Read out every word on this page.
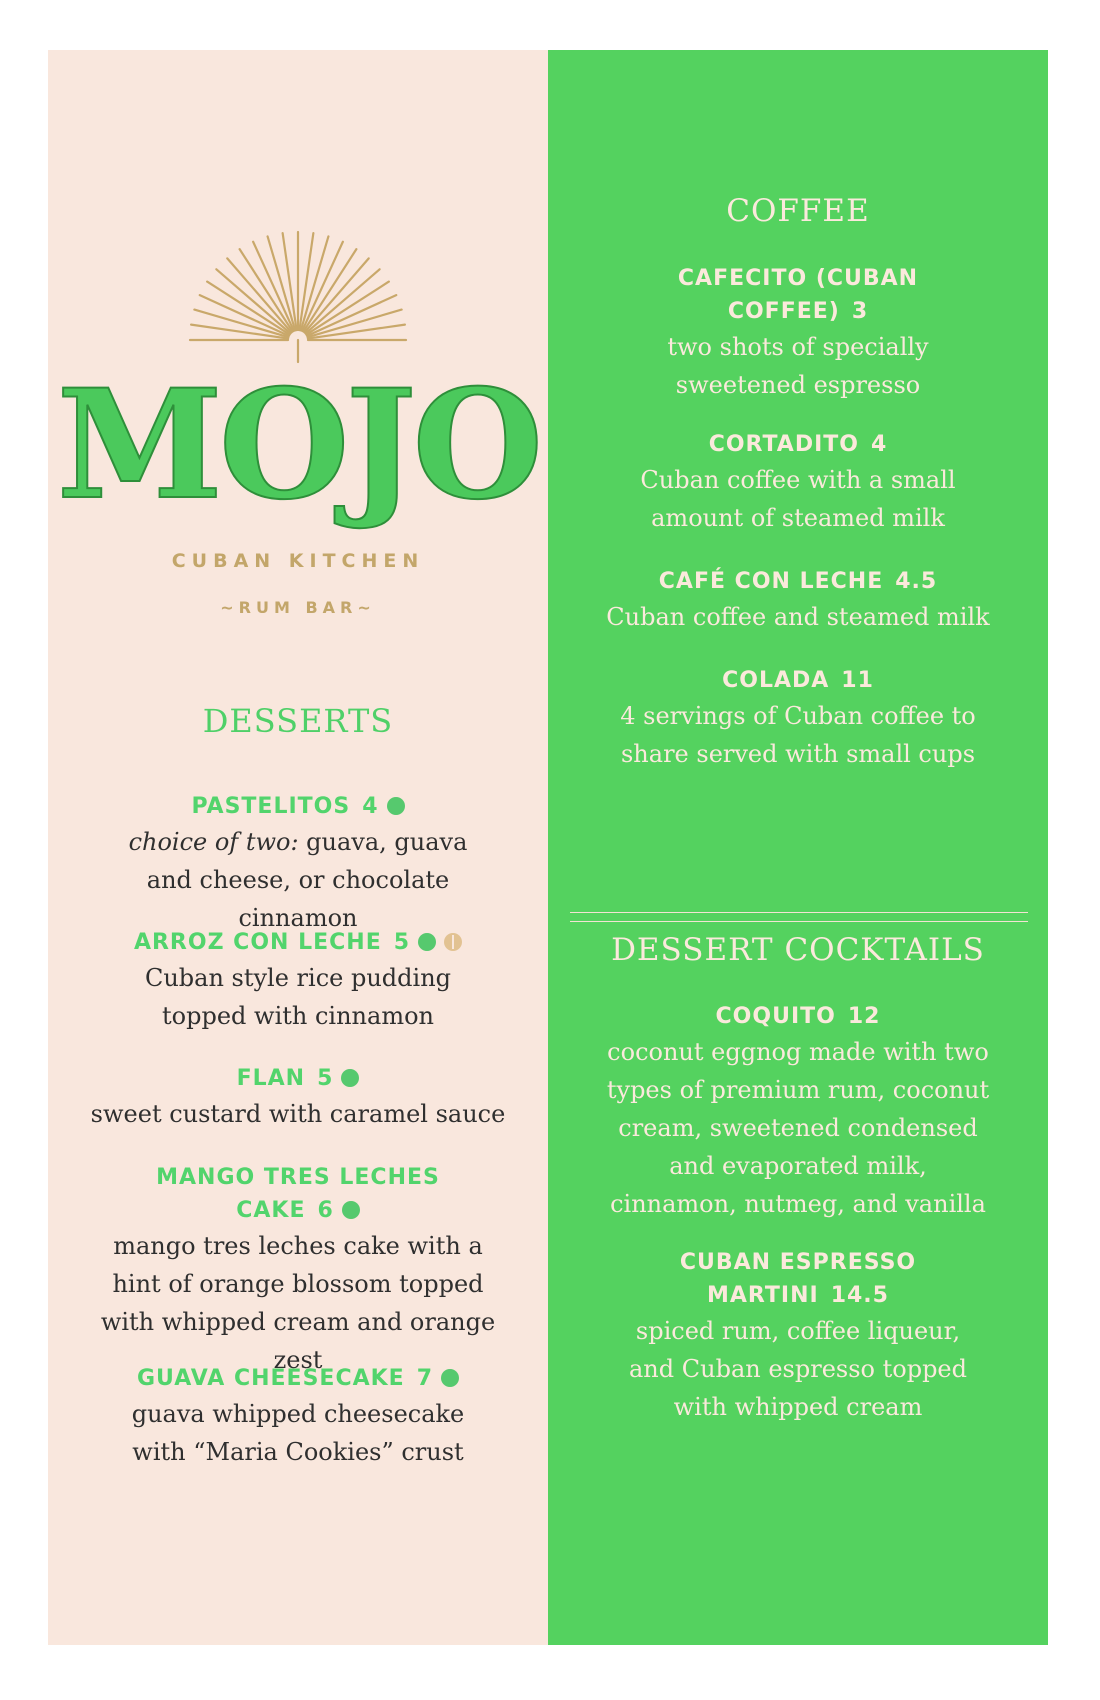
MOJO
~RUM BAR~
CUBAN KITCHEN
DESSERTS
PASTELITOS 4
choice of two: guava, guava and cheese, or chocolate cinnamon
ARROZ CON LECHE 5
Cuban style rice pudding topped with cinnamon
FLAN 5
sweet custard with caramel sauce
MANGO TRES LECHES CAKE 6
mango tres leches cake with a hint of orange blossom topped with whipped cream and orange zest
GUAVA CHEESECAKE 7
guava whipped cheesecake with “Maria Cookies” crust
COFFEE
CAFECITO (CUBAN COFFEE) 3
two shots of specially sweetened espresso
CORTADITO 4
Cuban coffee with a small amount of steamed milk
CAFÉ CON LECHE 4.5
Cuban coffee and steamed milk
COLADA 11
4 servings of Cuban coffee to share served with small cups
DESSERT COCKTAILS
COQUITO 12
coconut eggnog made with two types of premium rum, coconut cream, sweetened condensed and evaporated milk, cinnamon, nutmeg, and vanilla
CUBAN ESPRESSO MARTINI 14.5
spiced rum, coffee liqueur, and Cuban espresso topped with whipped cream
